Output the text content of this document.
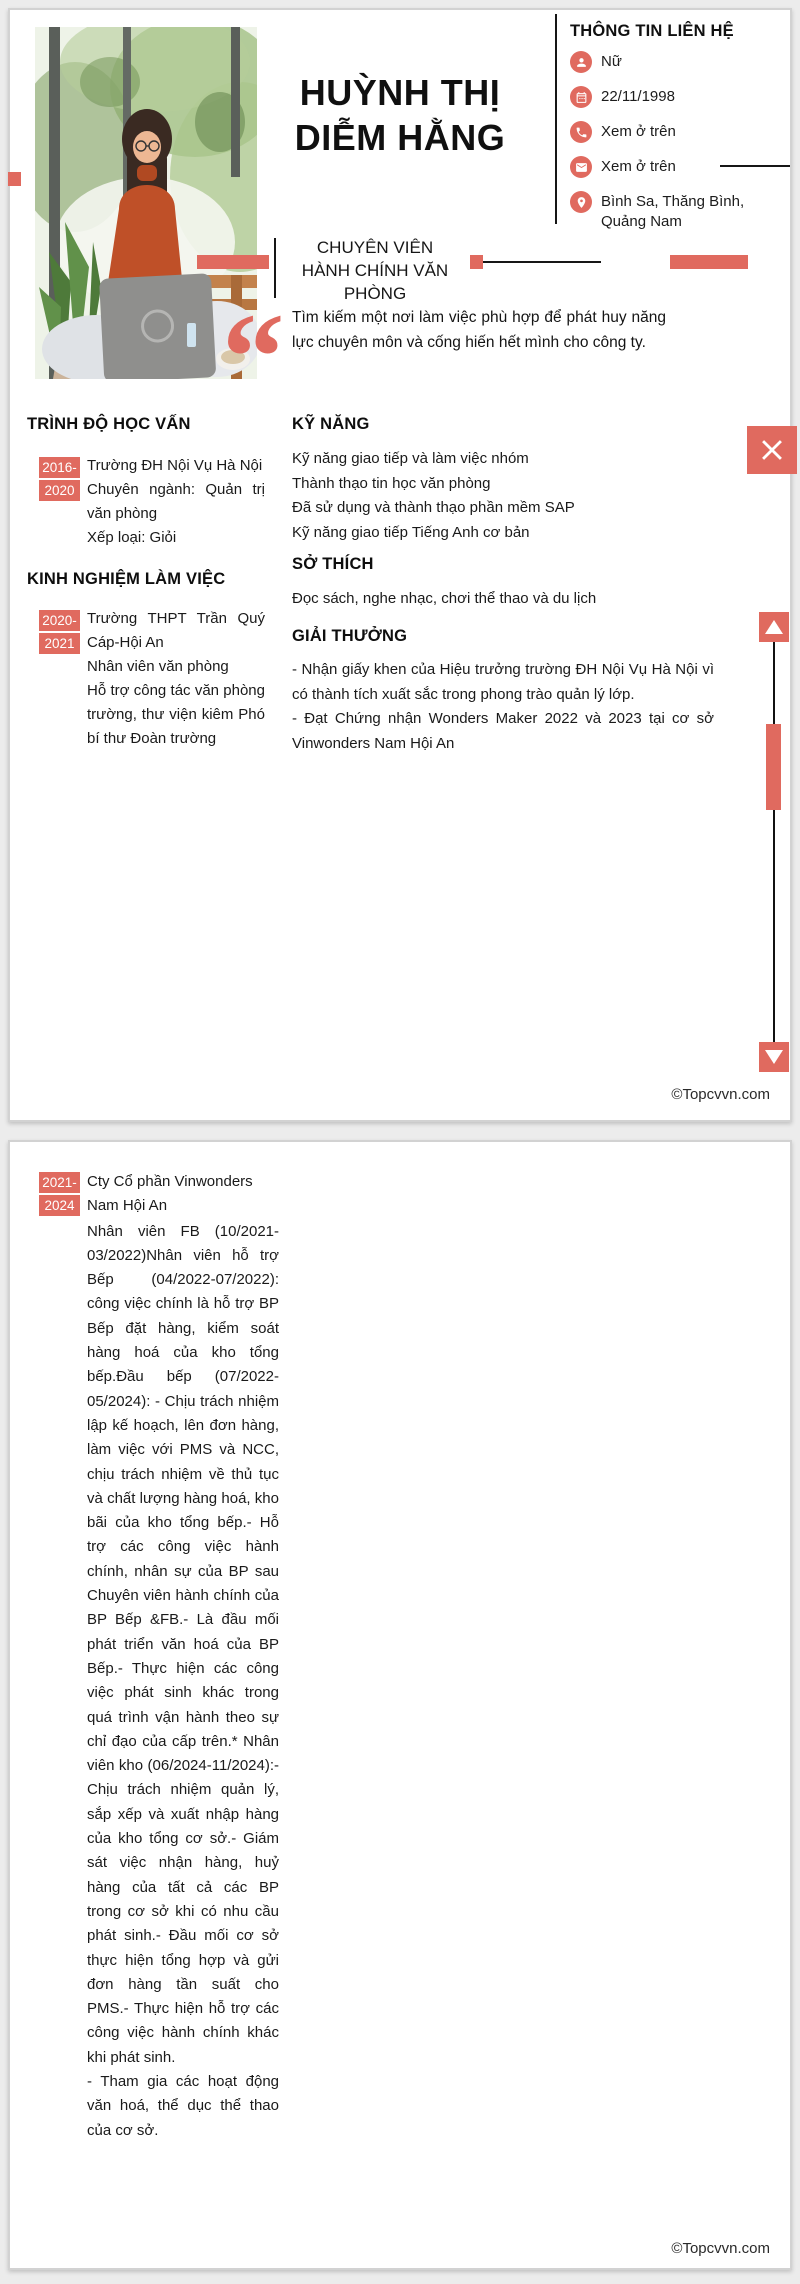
HUỲNH THỊ
DIỄM HẰNG
THÔNG TIN LIÊN HỆ
Nữ
22/11/1998
Xem ở trên
Xem ở trên
Bình Sa, Thăng Bình, Quảng Nam
CHUYÊN VIÊN
HÀNH CHÍNH VĂN
PHÒNG
“ Tìm kiếm một nơi làm việc phù hợp để phát huy năng lực chuyên môn và cống hiến hết mình cho công ty.

TRÌNH ĐỘ HỌC VẤN
2016-
2020
Trường ĐH Nội Vụ Hà Nội
Chuyên ngành: Quản trị văn phòng
Xếp loại: Giỏi
KINH NGHIỆM LÀM VIỆC
2020-
2021
Trường THPT Trần Quý Cáp-Hội An
Nhân viên văn phòng
Hỗ trợ công tác văn phòng trường, thư viện kiêm Phó bí thư Đoàn trường
KỸ NĂNG
Kỹ năng giao tiếp và làm việc nhóm
Thành thạo tin học văn phòng
Đã sử dụng và thành thạo phần mềm SAP
Kỹ năng giao tiếp Tiếng Anh cơ bản
SỞ THÍCH
Đọc sách, nghe nhạc, chơi thể thao và du lịch
GIẢI THƯỞNG

- Nhận giấy khen của Hiệu trưởng trường ĐH Nội Vụ Hà Nội vì có thành tích xuất sắc trong phong trào quản lý lớp.

- Đạt Chứng nhận Wonders Maker 2022 và 2023 tại cơ sở Vinwonders Nam Hội An

©Topcvvn.com
2021-
2024
Cty Cổ phần Vinwonders Nam Hội An

Nhân viên FB (10/2021-03/2022)Nhân viên hỗ trợ Bếp (04/2022-07/2022): công việc chính là hỗ trợ BP Bếp đặt hàng, kiểm soát hàng hoá của kho tổng bếp.Đầu bếp (07/2022-05/2024): - Chịu trách nhiệm lập kế hoạch, lên đơn hàng, làm việc với PMS và NCC, chịu trách nhiệm về thủ tục và chất lượng hàng hoá, kho bãi của kho tổng bếp.- Hỗ trợ các công việc hành chính, nhân sự của BP sau Chuyên viên hành chính của BP Bếp &FB.- Là đầu mối phát triển văn hoá của BP Bếp.- Thực hiện các công việc phát sinh khác trong quá trình vận hành theo sự chỉ đạo của cấp trên.* Nhân viên kho (06/2024-11/2024):- Chịu trách nhiệm quản lý, sắp xếp và xuất nhập hàng của kho tổng cơ sở.- Giám sát việc nhận hàng, huỷ hàng của tất cả các BP trong cơ sở khi có nhu cầu phát sinh.- Đầu mối cơ sở thực hiện tổng hợp và gửi đơn hàng tần suất cho PMS.- Thực hiện hỗ trợ các công việc hành chính khác khi phát sinh.

- Tham gia các hoạt động văn hoá, thể dục thể thao của cơ sở.

©Topcvvn.com
